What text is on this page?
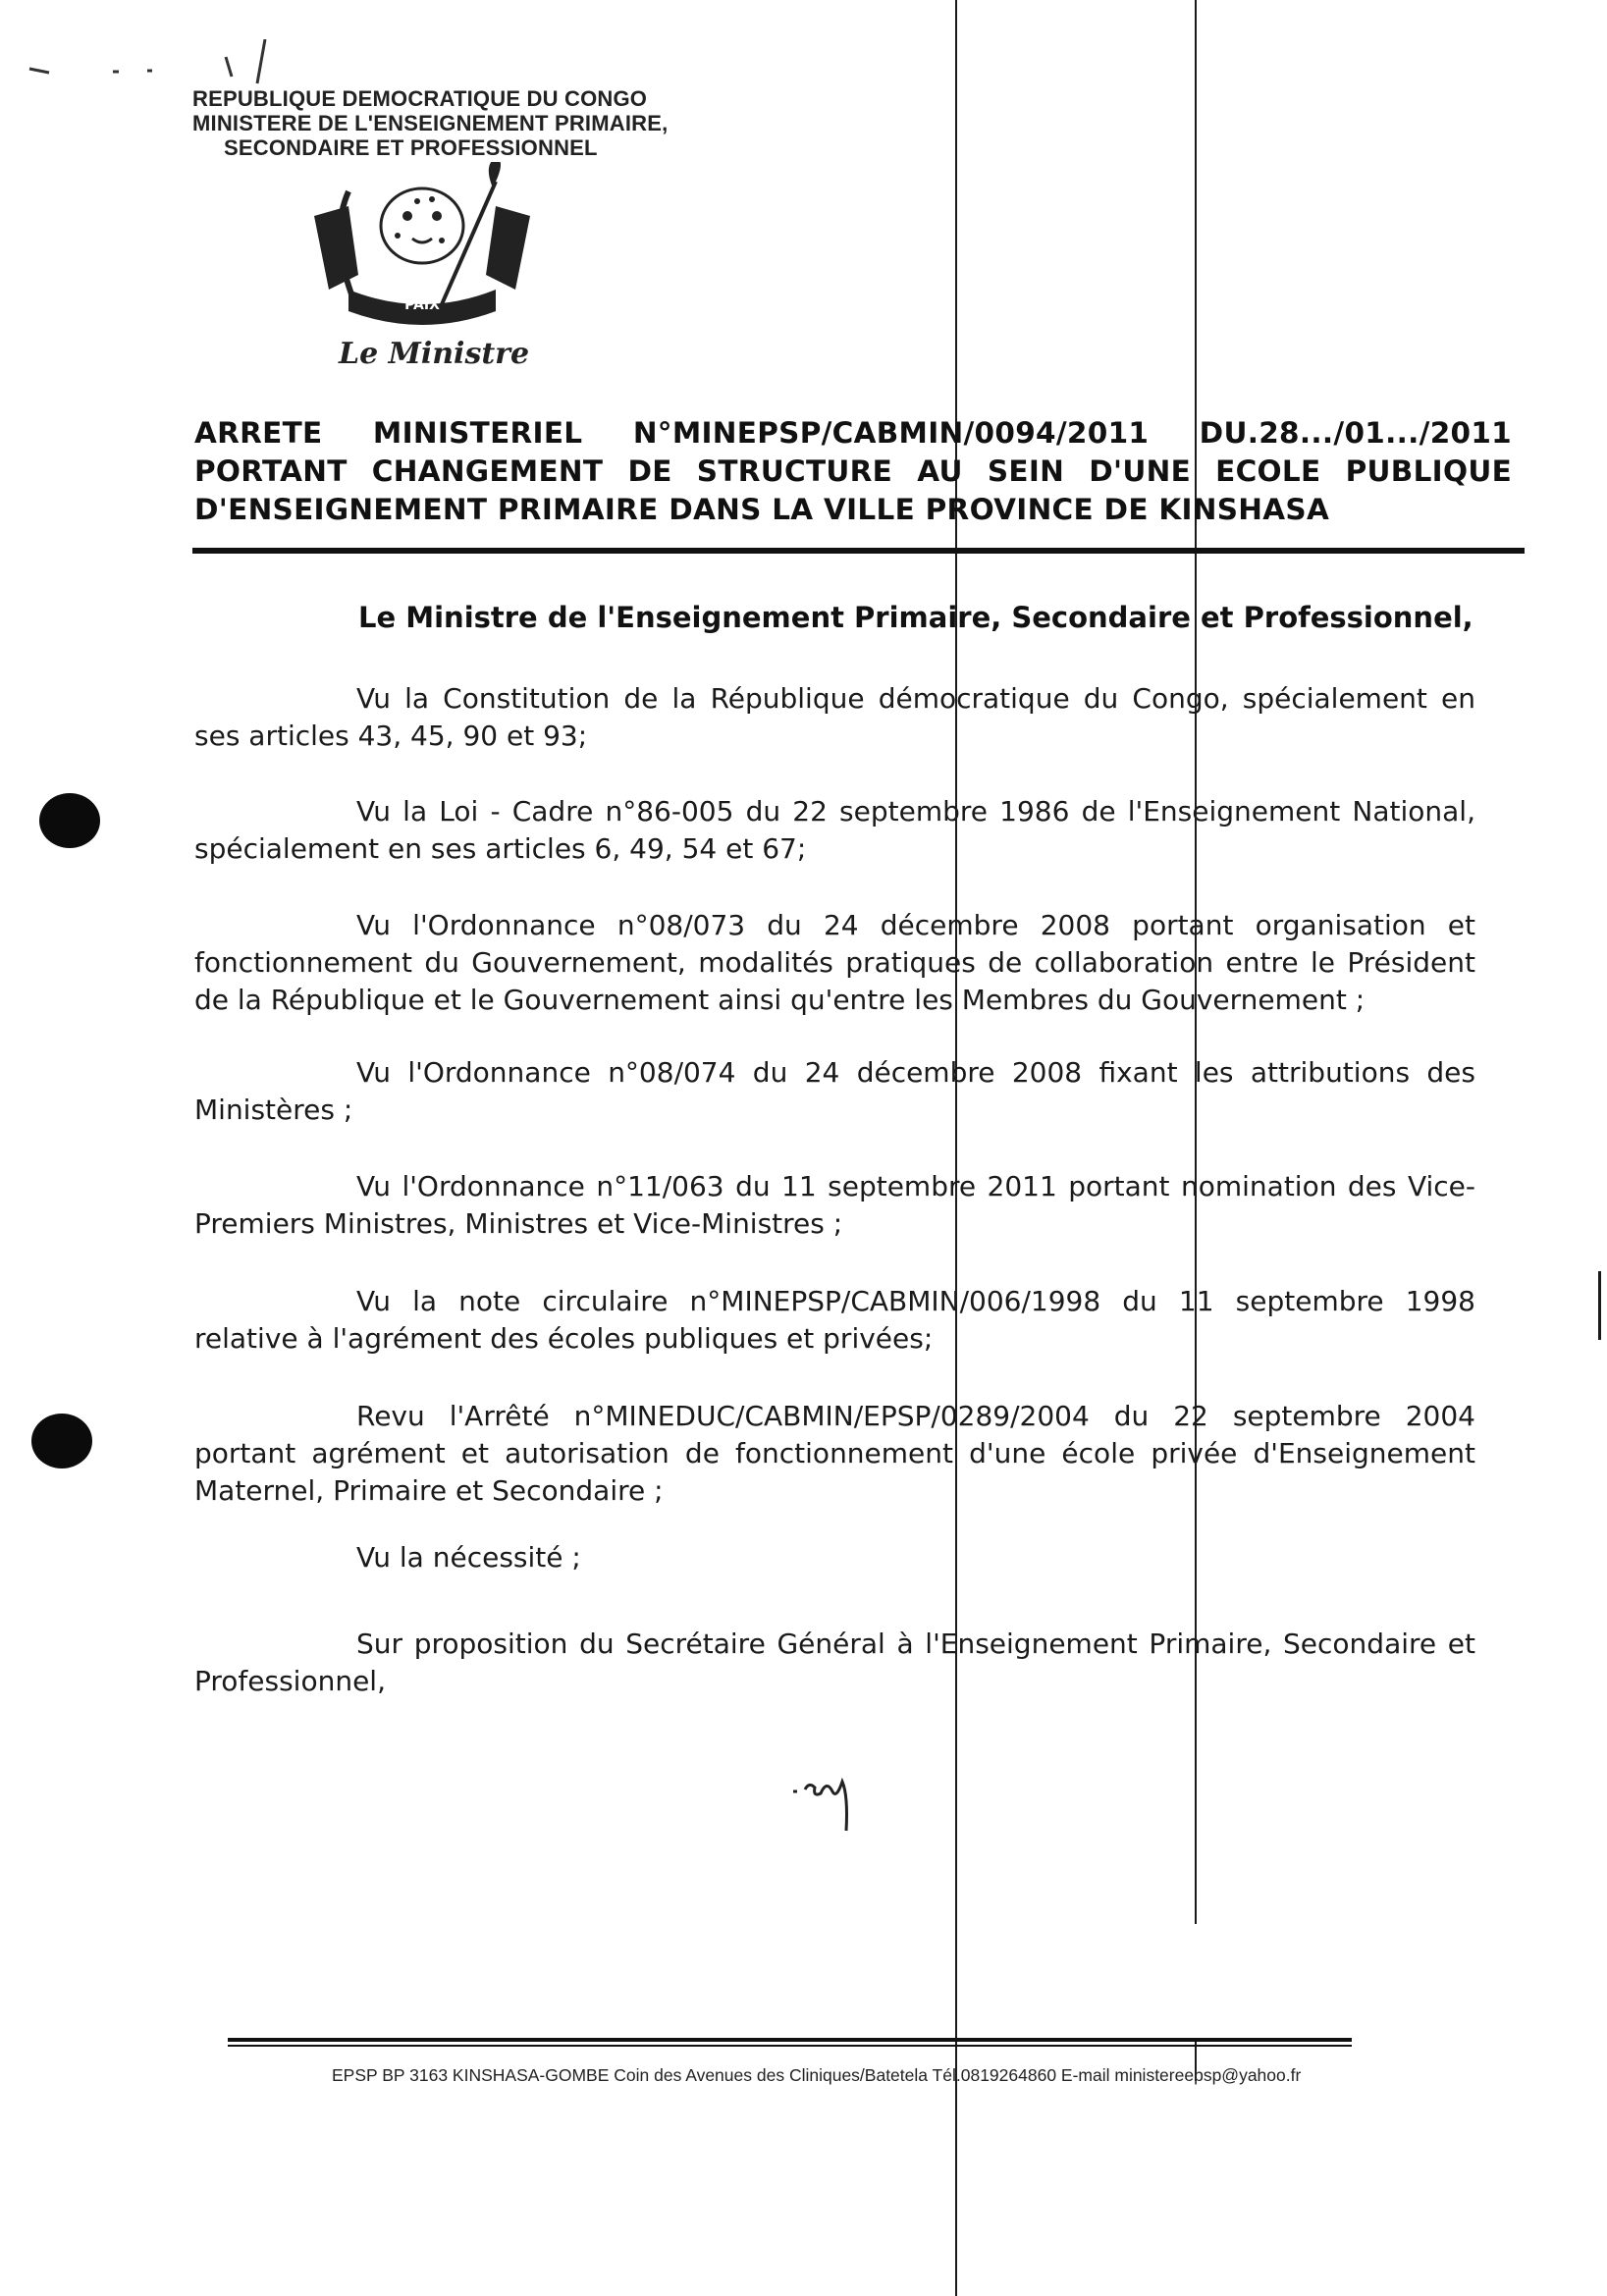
REPUBLIQUE DEMOCRATIQUE DU CONGO
MINISTERE DE L'ENSEIGNEMENT PRIMAIRE,
SECONDAIRE ET PROFESSIONNEL
PAIX
Le Ministre
ARRETE MINISTERIEL N°MINEPSP/CABMIN/0094/2011 DU.28.../01.../2011
PORTANT CHANGEMENT DE STRUCTURE AU SEIN D'UNE ECOLE PUBLIQUE
D'ENSEIGNEMENT PRIMAIRE DANS LA VILLE PROVINCE DE KINSHASA
Le Ministre de l'Enseignement Primaire, Secondaire et Professionnel,
Vu la Constitution de la République démocratique du Congo, spécialement en ses articles 43, 45, 90 et 93;
Vu la Loi - Cadre n°86-005 du 22 septembre 1986 de l'Enseignement National, spécialement en ses articles 6, 49, 54 et 67;
Vu l'Ordonnance n°08/073 du 24 décembre 2008 portant organisation et fonctionnement du Gouvernement, modalités pratiques de collaboration entre le Président de la République et le Gouvernement ainsi qu'entre les Membres du Gouvernement ;
Vu l'Ordonnance n°08/074 du 24 décembre 2008 fixant les attributions des Ministères ;
Vu l'Ordonnance n°11/063 du 11 septembre 2011 portant nomination des Vice-Premiers Ministres, Ministres et Vice-Ministres ;
Vu la note circulaire n°MINEPSP/CABMIN/006/1998 du 11 septembre 1998 relative à l'agrément des écoles publiques et privées;
Revu l'Arrêté n°MINEDUC/CABMIN/EPSP/0289/2004 du 22 septembre 2004 portant agrément et autorisation de fonctionnement d'une école privée d'Enseignement Maternel, Primaire et Secondaire ;
Vu la nécessité ;
Sur proposition du Secrétaire Général à l'Enseignement Primaire, Secondaire et Professionnel,
EPSP BP 3163 KINSHASA-GOMBE Coin des Avenues des Cliniques/Batetela Tél.0819264860 E-mail ministereepsp@yahoo.fr
